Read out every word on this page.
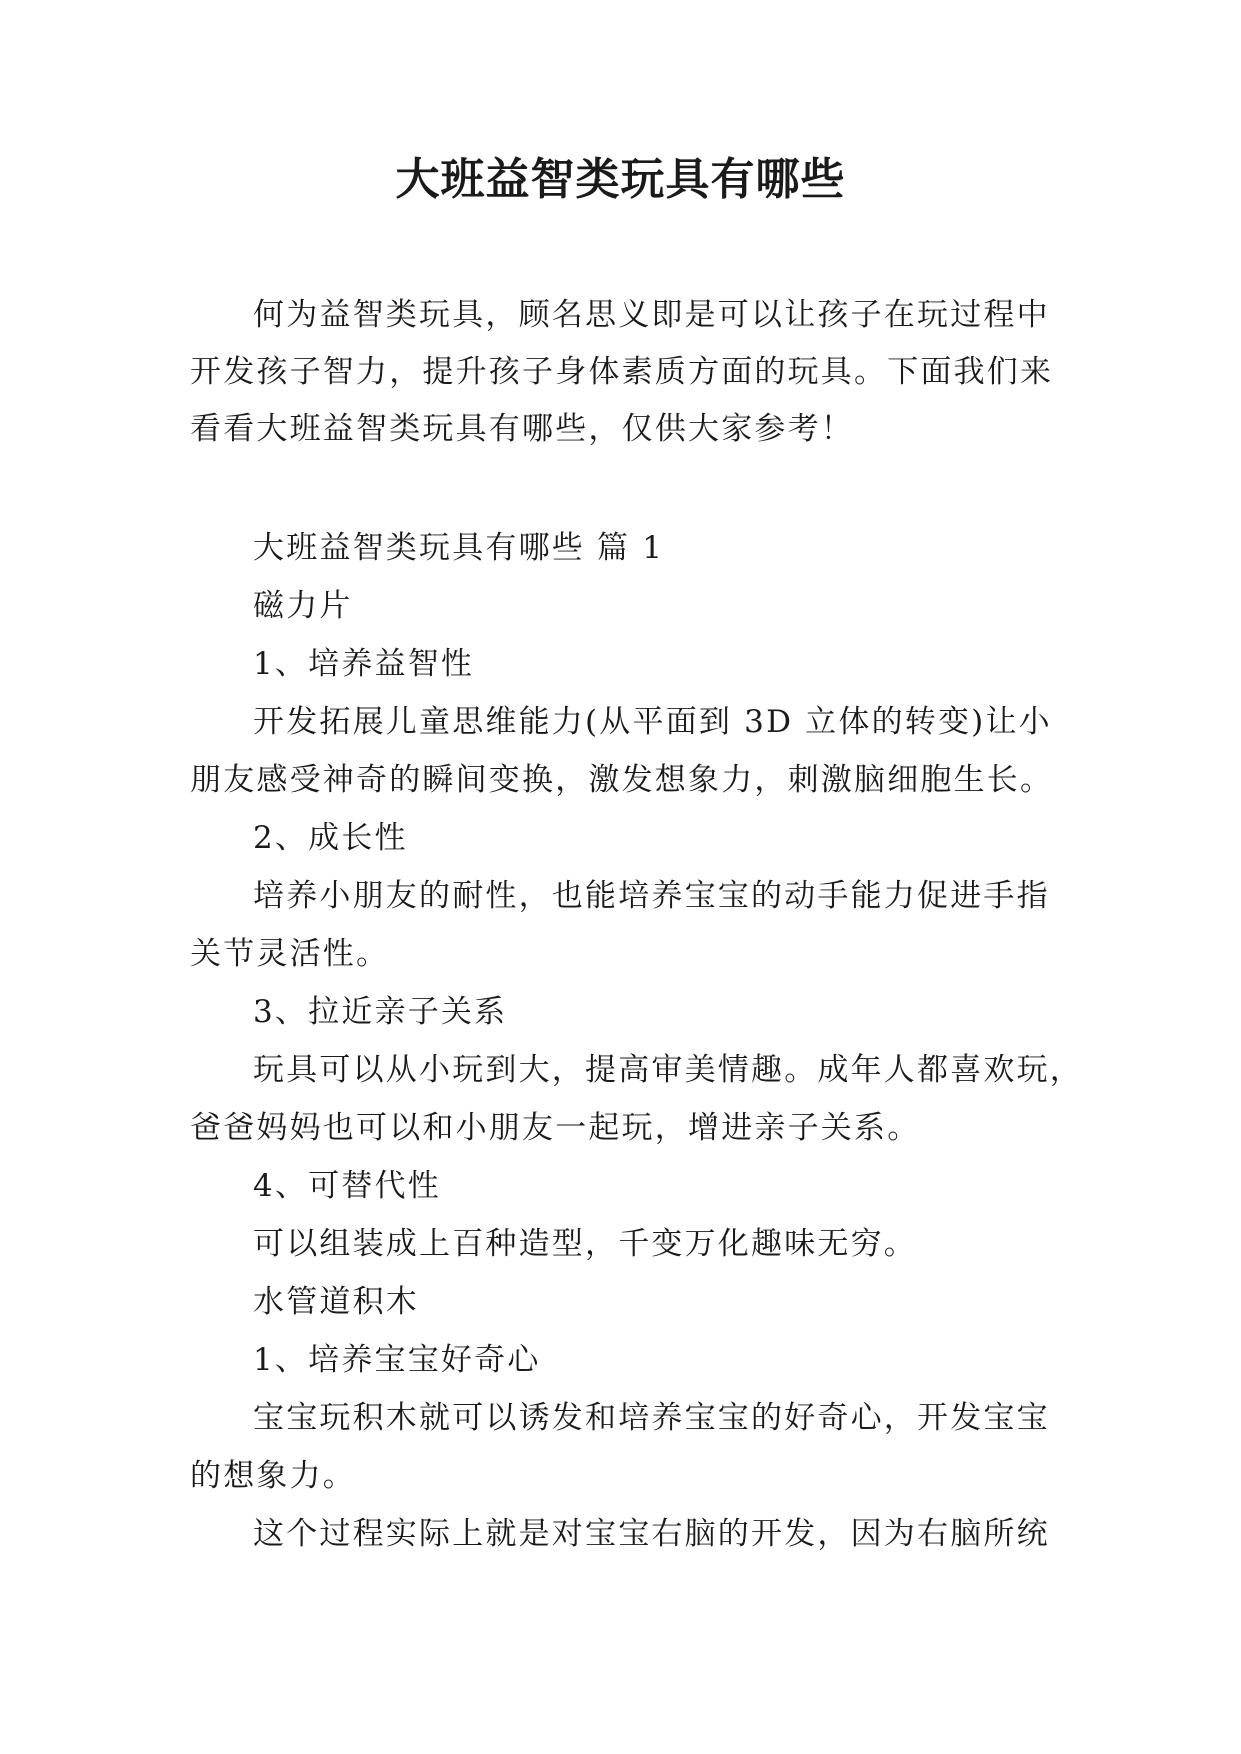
大班益智类玩具有哪些

何为益智类玩具，顾名思义即是可以让孩子在玩过程中

开发孩子智力，提升孩子身体素质方面的玩具。下面我们来

看看大班益智类玩具有哪些，仅供大家参考！

大班益智类玩具有哪些 篇 1

磁力片

1、培养益智性

开发拓展儿童思维能力(从平面到 3D 立体的转变)让小

朋友感受神奇的瞬间变换，激发想象力，刺激脑细胞生长。

2、成长性

培养小朋友的耐性，也能培养宝宝的动手能力促进手指

关节灵活性。

3、拉近亲子关系

玩具可以从小玩到大，提高审美情趣。成年人都喜欢玩，

爸爸妈妈也可以和小朋友一起玩，增进亲子关系。

4、可替代性

可以组装成上百种造型，千变万化趣味无穷。

水管道积木

1、培养宝宝好奇心

宝宝玩积木就可以诱发和培养宝宝的好奇心，开发宝宝

的想象力。

这个过程实际上就是对宝宝右脑的开发，因为右脑所统
